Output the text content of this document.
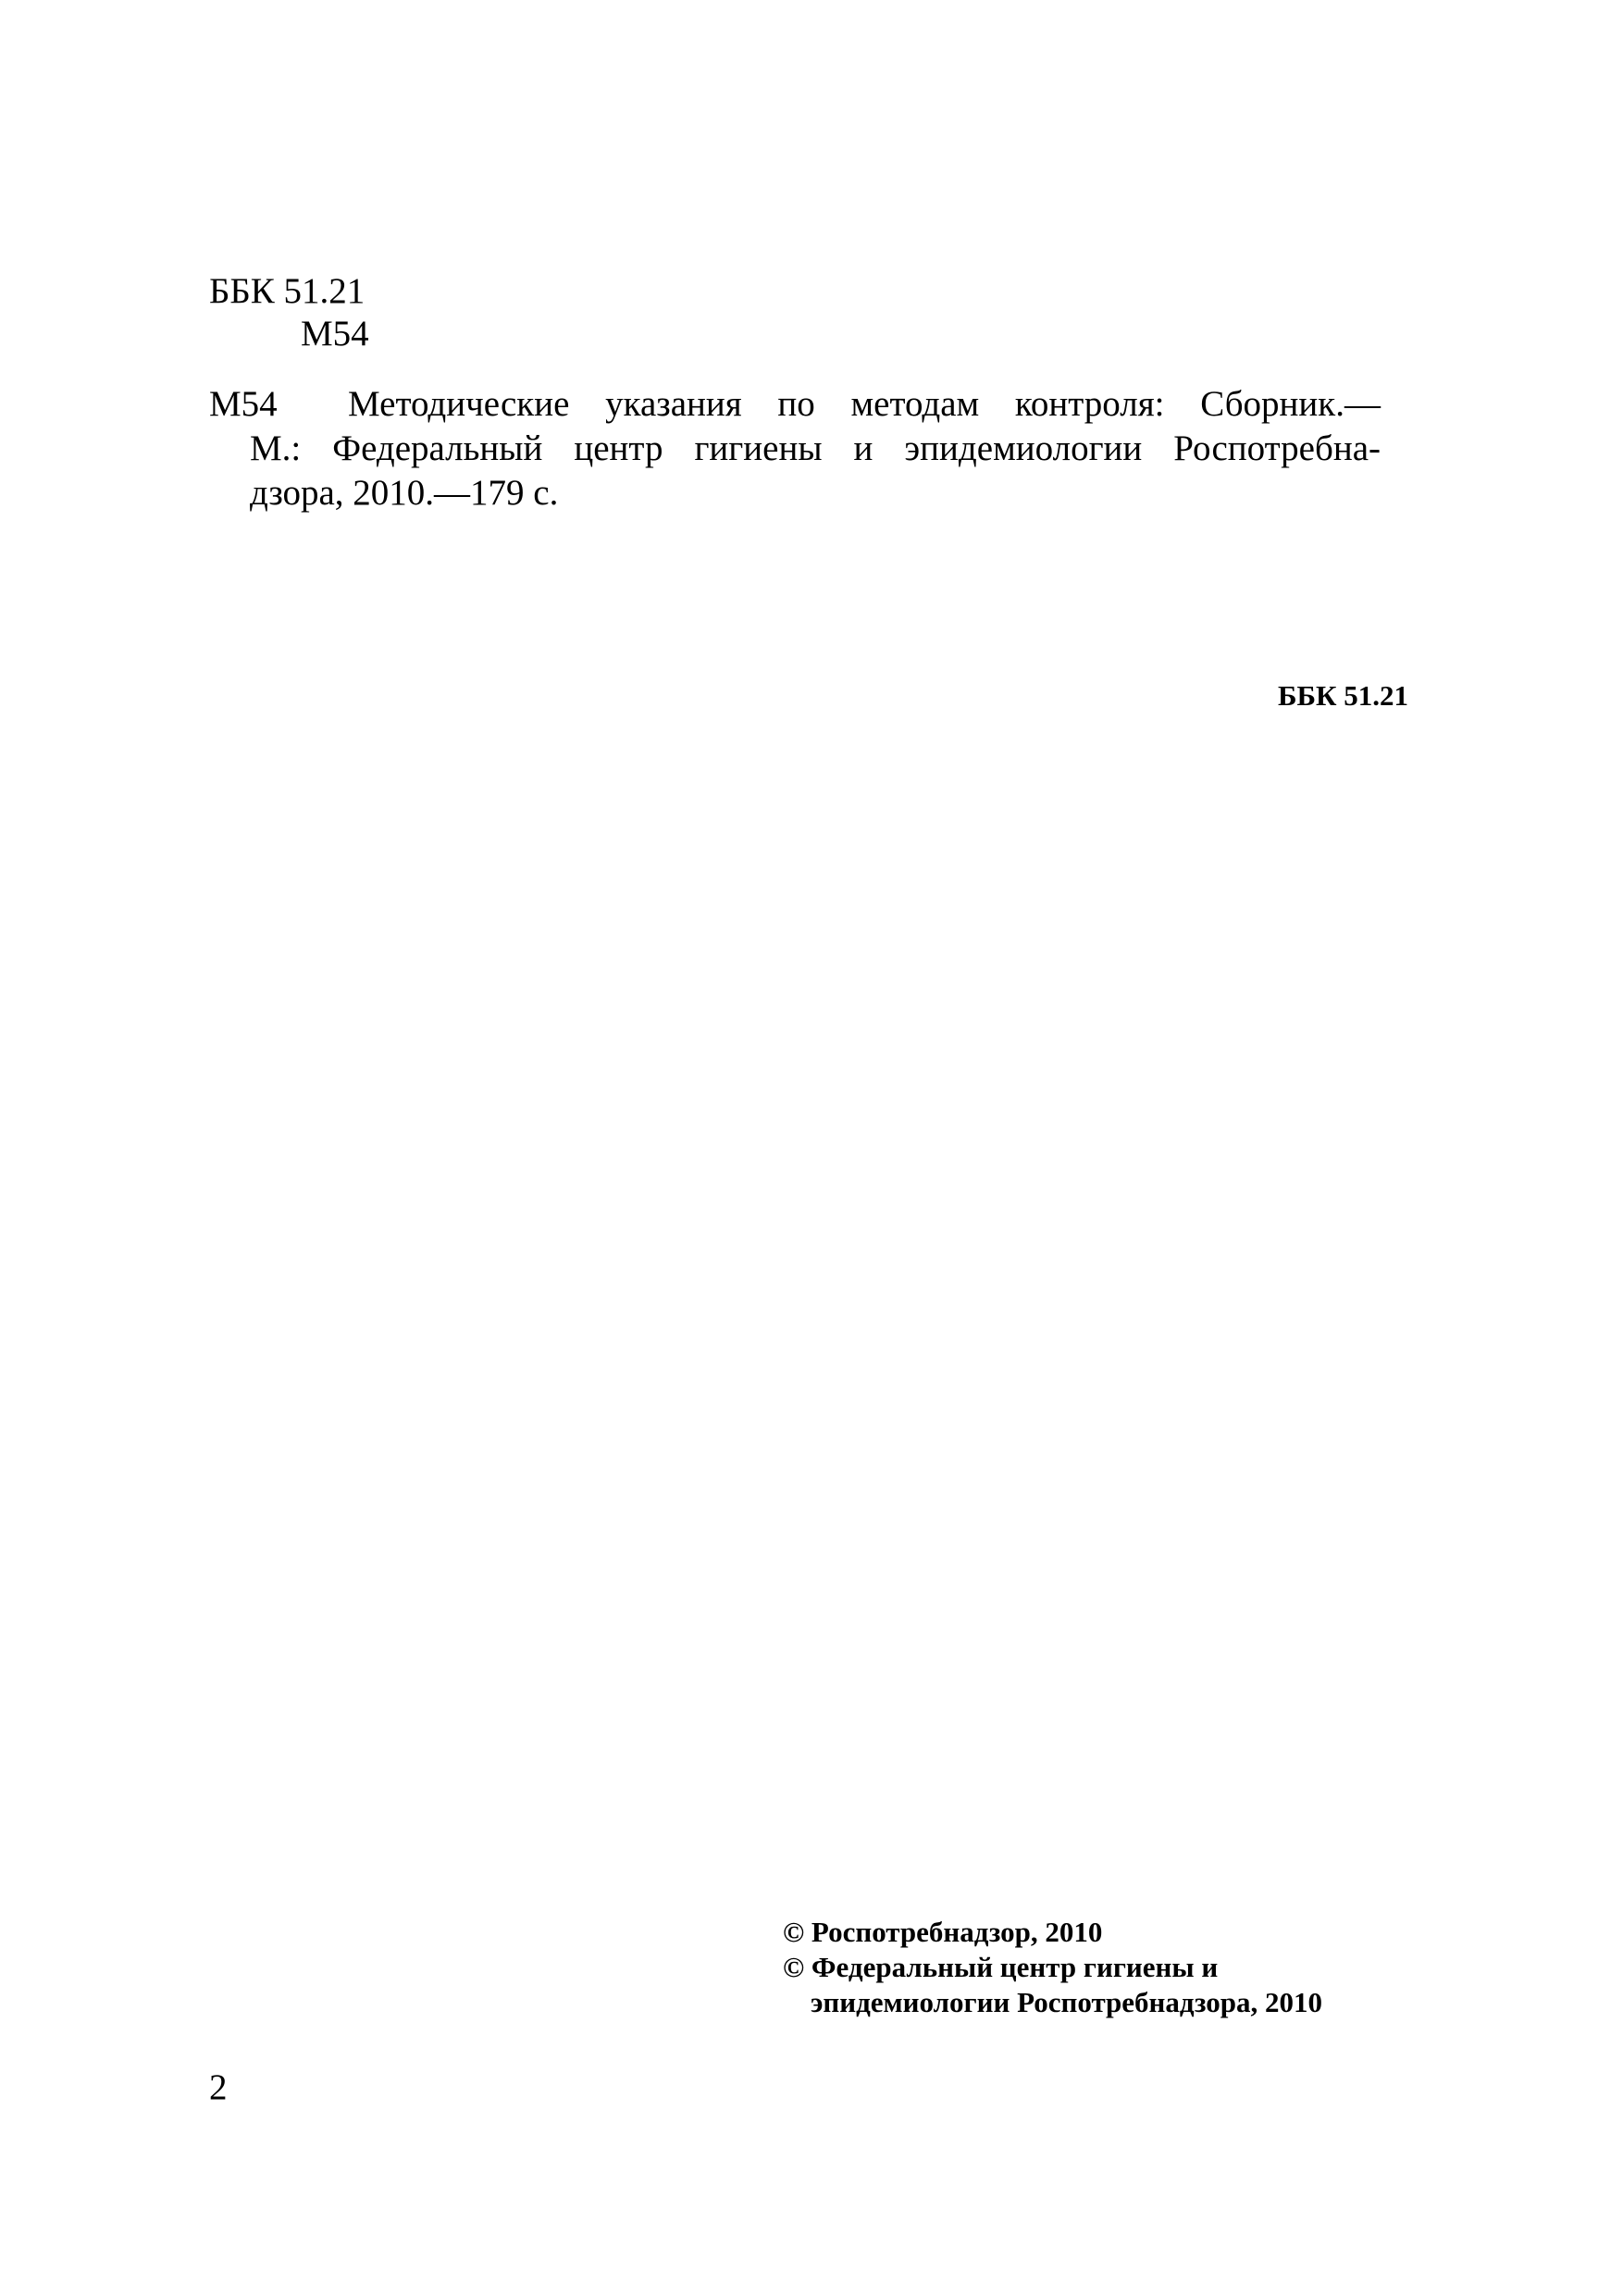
ББК 51.21
М54
М54 Методические указания по методам контроля: Сборник.—
М.: Федеральный центр гигиены и эпидемиологии Роспотребна-
дзора, 2010.—179 с.
ББК 51.21
© Роспотребнадзор, 2010
© Федеральный центр гигиены и
эпидемиологии Роспотребнадзора, 2010
2
